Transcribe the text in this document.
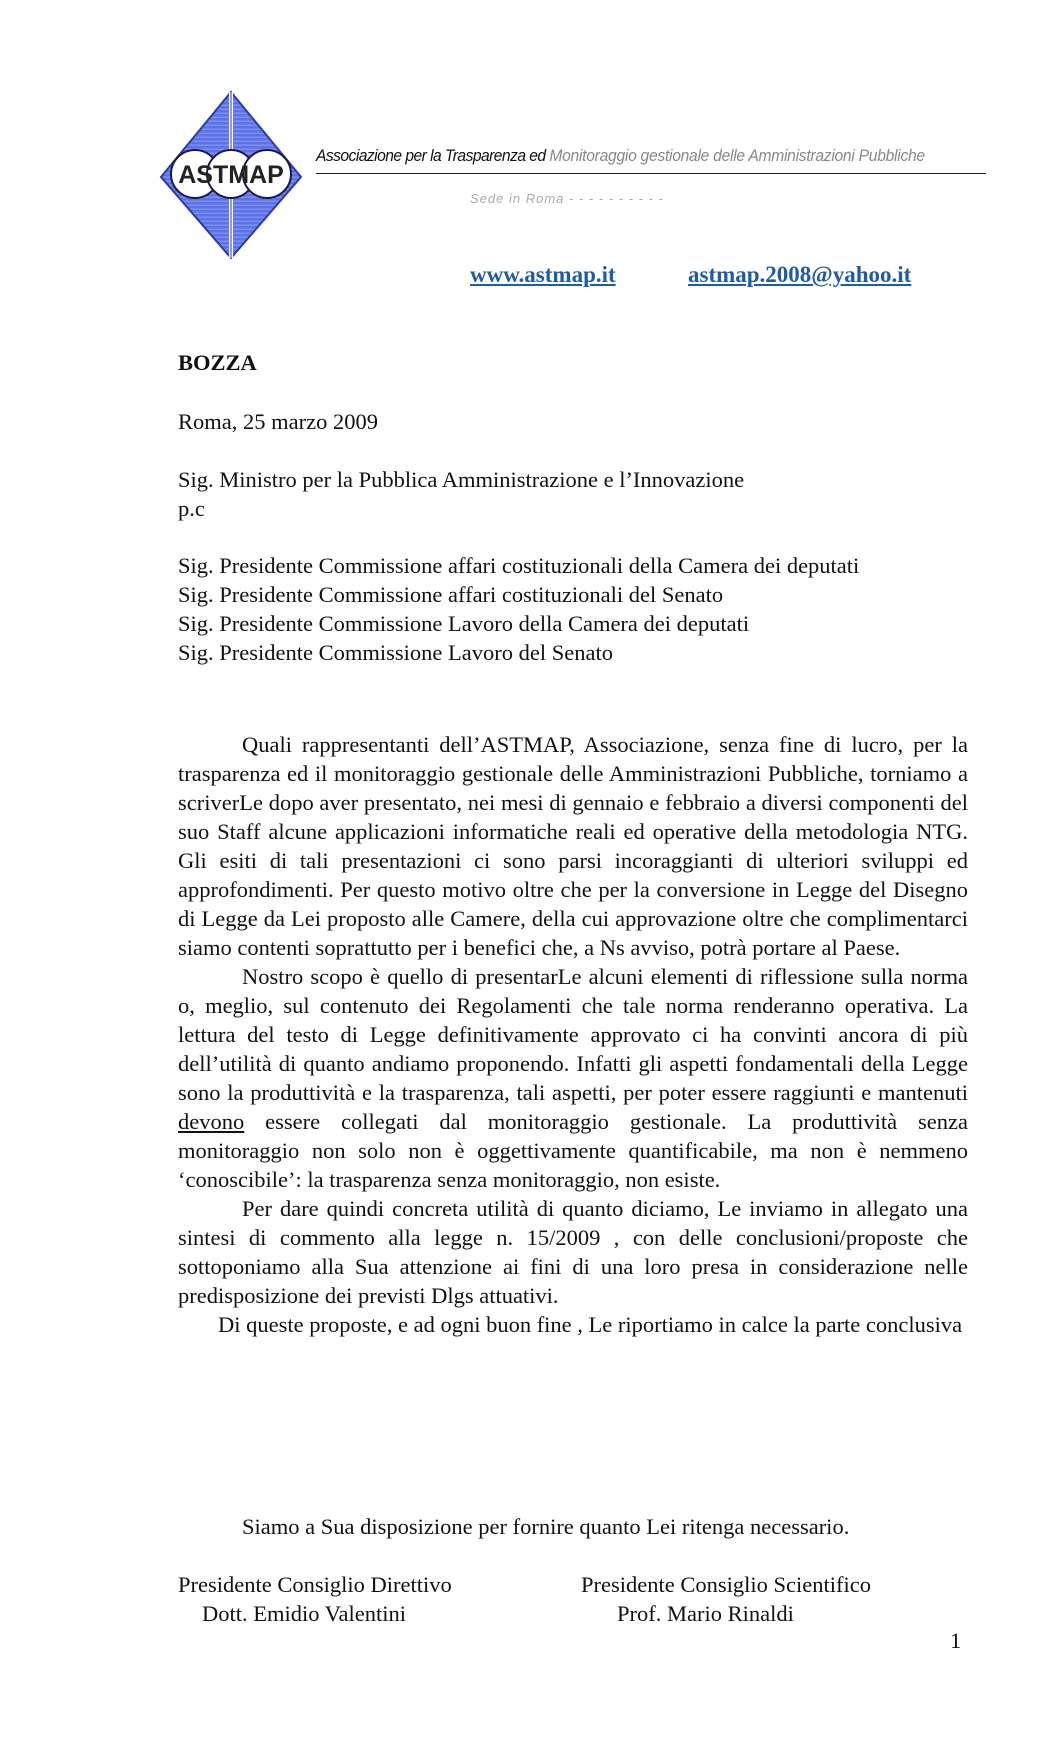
ASTMAP
Associazione per la Trasparenza ed Monitoraggio gestionale delle Amministrazioni Pubbliche
Sede in Roma - - - - - - - - - -
www.astmap.it	astmap.2008@yahoo.it
BOZZA
Roma, 25 marzo 2009
Sig. Ministro per la Pubblica Amministrazione e l’Innovazione
p.c
Sig. Presidente Commissione affari costituzionali della Camera dei deputati
Sig. Presidente Commissione affari costituzionali del Senato
Sig. Presidente Commissione Lavoro della Camera dei deputati
Sig. Presidente Commissione Lavoro del Senato

Quali rappresentanti dell’ASTMAP, Associazione, senza fine di lucro, per la trasparenza ed il monitoraggio gestionale delle Amministrazioni Pubbliche, torniamo a scriverLe dopo aver presentato, nei mesi di gennaio e febbraio a diversi componenti del suo Staff alcune applicazioni informatiche reali ed operative della metodologia NTG. Gli esiti di tali presentazioni ci sono parsi incoraggianti di ulteriori sviluppi ed approfondimenti. Per questo motivo oltre che per la conversione in Legge del Disegno di Legge da Lei proposto alle Camere, della cui approvazione oltre che complimentarci siamo contenti soprattutto per i benefici che, a Ns avviso, potrà portare al Paese.

Nostro scopo è quello di presentarLe alcuni elementi di riflessione sulla norma o, meglio, sul contenuto dei Regolamenti che tale norma renderanno operativa. La lettura del testo di Legge definitivamente approvato ci ha convinti ancora di più dell’utilità di quanto andiamo proponendo. Infatti gli aspetti fondamentali della Legge sono la produttività e la trasparenza, tali aspetti, per poter essere raggiunti e mantenuti devono essere collegati dal monitoraggio gestionale. La produttività senza monitoraggio non solo non è oggettivamente quantificabile, ma non è nemmeno ‘conoscibile’: la trasparenza senza monitoraggio, non esiste.

Per dare quindi concreta utilità di quanto diciamo, Le inviamo in allegato una sintesi di commento alla legge n. 15/2009 , con delle conclusioni/proposte che sottoponiamo alla Sua attenzione ai fini di una loro presa in considerazione nelle predisposizione dei previsti Dlgs attuativi.

Di queste proposte, e ad ogni buon fine , Le riportiamo in calce la parte conclusiva

Siamo a Sua disposizione per fornire quanto Lei ritenga necessario.
Presidente Consiglio Direttivo
Dott. Emidio Valentini
Presidente Consiglio Scientifico
Prof. Mario Rinaldi
1
